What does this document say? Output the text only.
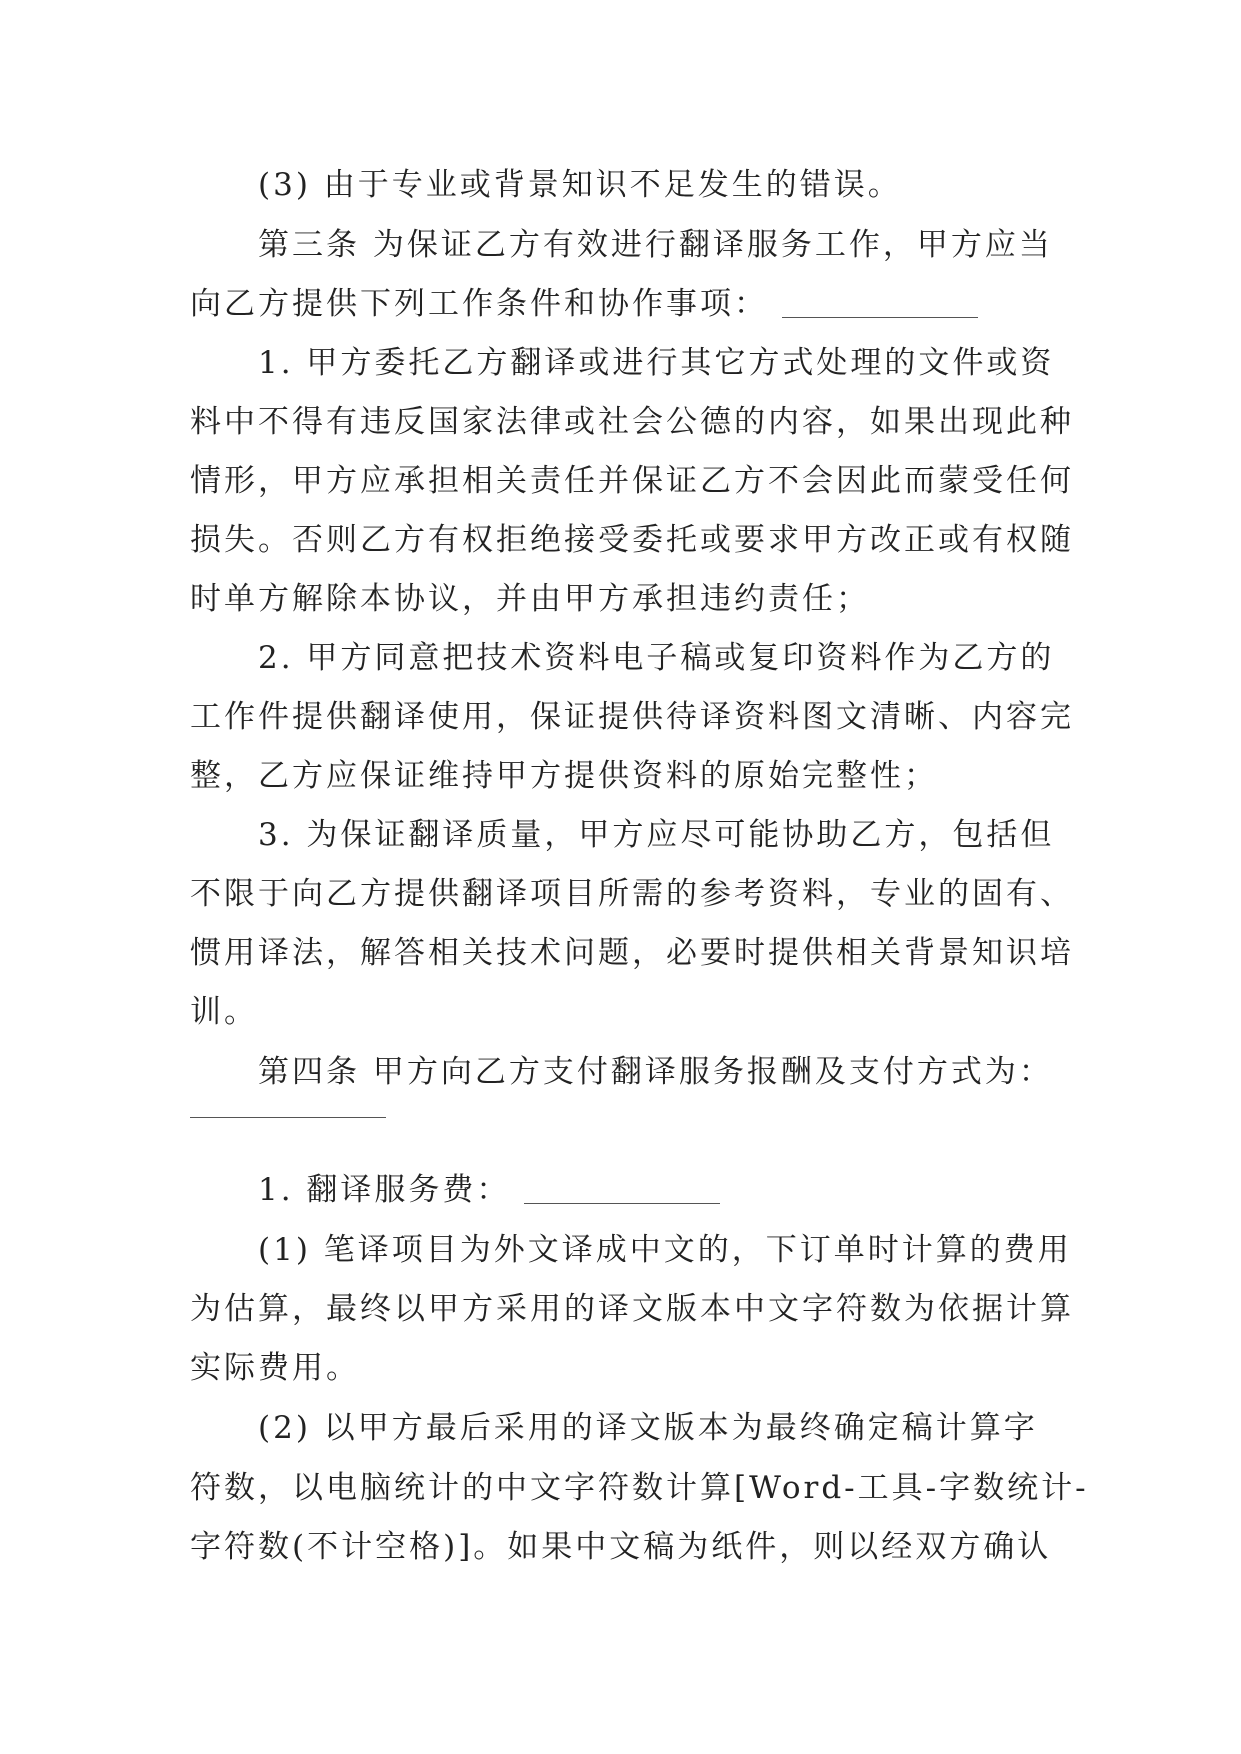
(3) 由于专业或背景知识不足发生的错误。
第三条 为保证乙方有效进行翻译服务工作，甲方应当
向乙方提供下列工作条件和协作事项：
1. 甲方委托乙方翻译或进行其它方式处理的文件或资
料中不得有违反国家法律或社会公德的内容，如果出现此种
情形，甲方应承担相关责任并保证乙方不会因此而蒙受任何
损失。否则乙方有权拒绝接受委托或要求甲方改正或有权随
时单方解除本协议，并由甲方承担违约责任；
2. 甲方同意把技术资料电子稿或复印资料作为乙方的
工作件提供翻译使用，保证提供待译资料图文清晰、内容完
整，乙方应保证维持甲方提供资料的原始完整性；
3. 为保证翻译质量，甲方应尽可能协助乙方，包括但
不限于向乙方提供翻译项目所需的参考资料，专业的固有、
惯用译法，解答相关技术问题，必要时提供相关背景知识培
训。
第四条 甲方向乙方支付翻译服务报酬及支付方式为：
1. 翻译服务费：
(1) 笔译项目为外文译成中文的，下订单时计算的费用
为估算，最终以甲方采用的译文版本中文字符数为依据计算
实际费用。
(2) 以甲方最后采用的译文版本为最终确定稿计算字
符数，以电脑统计的中文字符数计算[Word-工具-字数统计-
字符数(不计空格)]。如果中文稿为纸件，则以经双方确认
